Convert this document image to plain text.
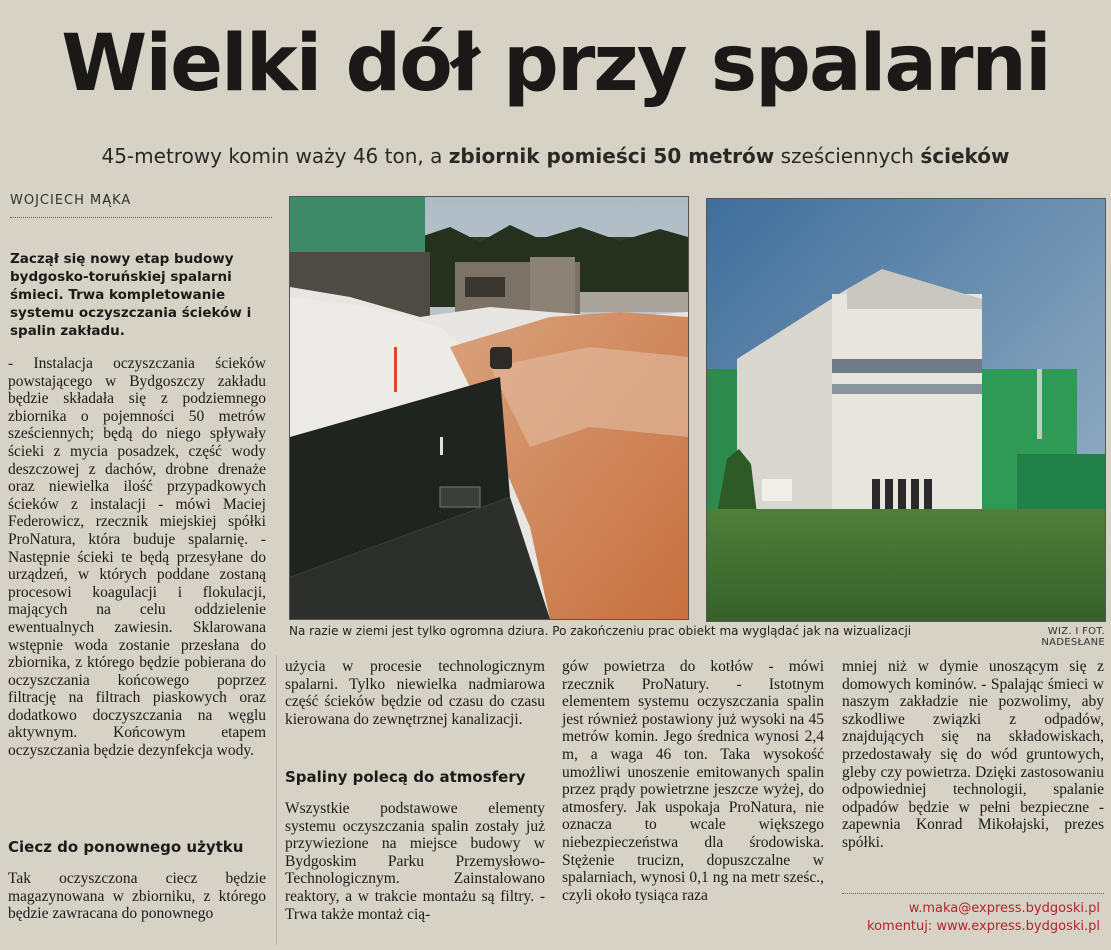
Wielki dół przy spalarni
45-metrowy komin waży 46 ton, a zbiornik pomieści 50 metrów sześciennych ścieków
WOJCIECH MĄKA
Zaczął się nowy etap budowy bydgosko-toruńskiej spalarni śmieci. Trwa kompletowanie systemu oczyszczania ścieków i spalin zakładu.

- Instalacja oczyszczania ścieków powstającego w Bydgoszczy zakładu będzie składała się z podziemnego zbiornika o pojemności 50 metrów sześciennych; będą do niego spływały ścieki z mycia posadzek, część wody deszczowej z dachów, drobne drenaże oraz niewielka ilość przypadkowych ścieków z instalacji - mówi Maciej Federowicz, rzecznik miejskiej spółki ProNatura, która buduje spalarnię. - Następnie ścieki te będą przesyłane do urządzeń, w których poddane zostaną procesowi koagulacji i flokulacji, mających na celu oddzielenie ewentualnych zawiesin. Sklarowana wstępnie woda zostanie przesłana do zbiornika, z którego będzie pobierana do oczyszczania końcowego poprzez filtrację na filtrach piaskowych oraz dodatkowo doczyszczania na węglu aktywnym. Końcowym etapem oczyszczania będzie dezynfekcja wody.

Ciecz do ponownego użytku

Tak oczyszczona ciecz będzie magazynowana w zbiorniku, z którego będzie zawracana do ponownego

użycia w procesie technologicznym spalarni. Tylko niewielka nadmiarowa część ścieków będzie od czasu do czasu kierowana do zewnętrznej kanalizacji.

Spaliny polecą do atmosfery

Wszystkie podstawowe elementy systemu oczyszczania spalin zostały już przywiezione na miejsce budowy w Bydgoskim Parku Przemysłowo-Technologicznym. Zainstalowano reaktory, a w trakcie montażu są filtry. - Trwa także montaż cią-

gów powietrza do kotłów - mówi rzecznik ProNatury. - Istotnym elementem systemu oczyszczania spalin jest również postawiony już wysoki na 45 metrów komin. Jego średnica wynosi 2,4 m, a waga 46 ton. Taka wysokość umożliwi unoszenie emitowanych spalin przez prądy powietrzne jeszcze wyżej, do atmosfery. Jak uspokaja ProNatura, nie oznacza to wcale większego niebezpieczeństwa dla środowiska. Stężenie trucizn, dopuszczalne w spalarniach, wynosi 0,1 ng na metr sześc., czyli około tysiąca raza

mniej niż w dymie unoszącym się z domowych kominów. - Spalając śmieci w naszym zakładzie nie pozwolimy, aby szkodliwe związki z odpadów, znajdujących się na składowiskach, przedostawały się do wód gruntowych, gleby czy powietrza. Dzięki zastosowaniu odpowiedniej technologii, spalanie odpadów będzie w pełni bezpieczne - zapewnia Konrad Mikołajski, prezes spółki.

Na razie w ziemi jest tylko ogromna dziura. Po zakończeniu prac obiekt ma wyglądać jak na wizualizacji	WIZ. I FOT. NADESŁANE
w.maka@express.bydgoski.pl
komentuj: www.express.bydgoski.pl
